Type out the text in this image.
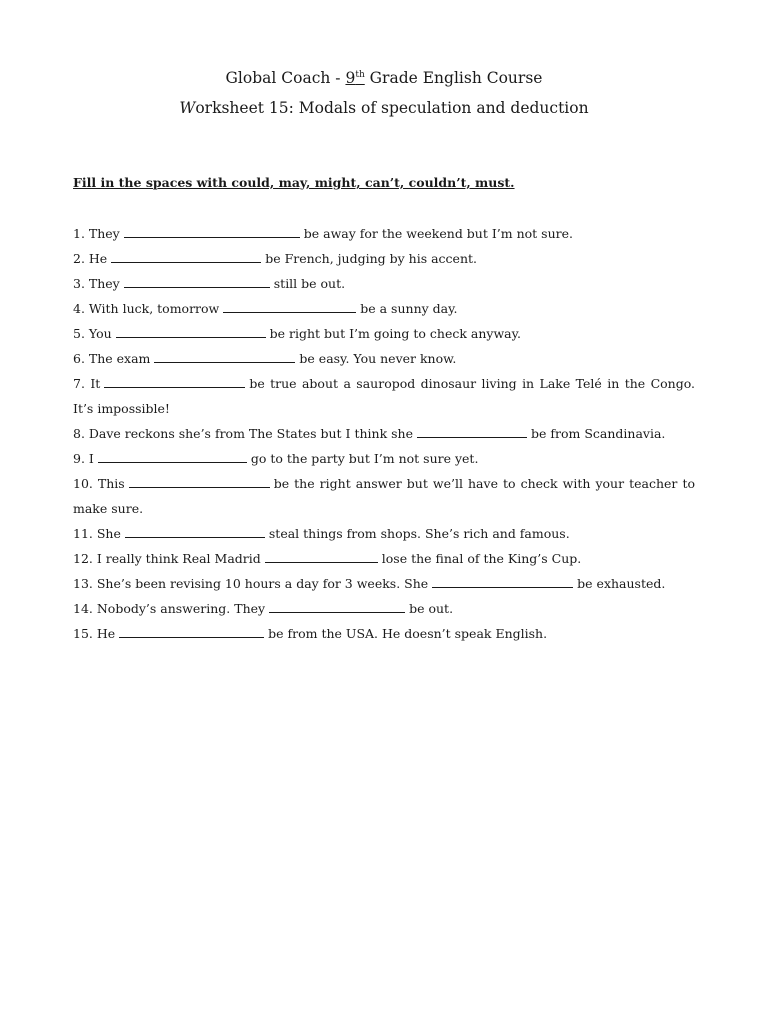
Global Coach - 9th Grade English Course
Worksheet 15: Modals of speculation and deduction
Fill in the spaces with could, may, might, can’t, couldn’t, must.
1. They	be away for the weekend but I’m not sure.
2. He	be French, judging by his accent.
3. They	still be out.
4. With luck, tomorrow	be a sunny day.
5. You	be right but I’m going to check anyway.
6. The exam	be easy. You never know.
7. It	be true about a sauropod dinosaur living in Lake Telé in the Congo. It’s impossible!
8. Dave reckons she’s from The States but I think she	be from Scandinavia.
9. I	go to the party but I’m not sure yet.
10. This	be the right answer but we’ll have to check with your teacher to make sure.
11. She	steal things from shops. She’s rich and famous.
12. I really think Real Madrid	lose the final of the King’s Cup.
13. She’s been revising 10 hours a day for 3 weeks. She	be exhausted.
14. Nobody’s answering. They	be out.
15. He	be from the USA. He doesn’t speak English.
